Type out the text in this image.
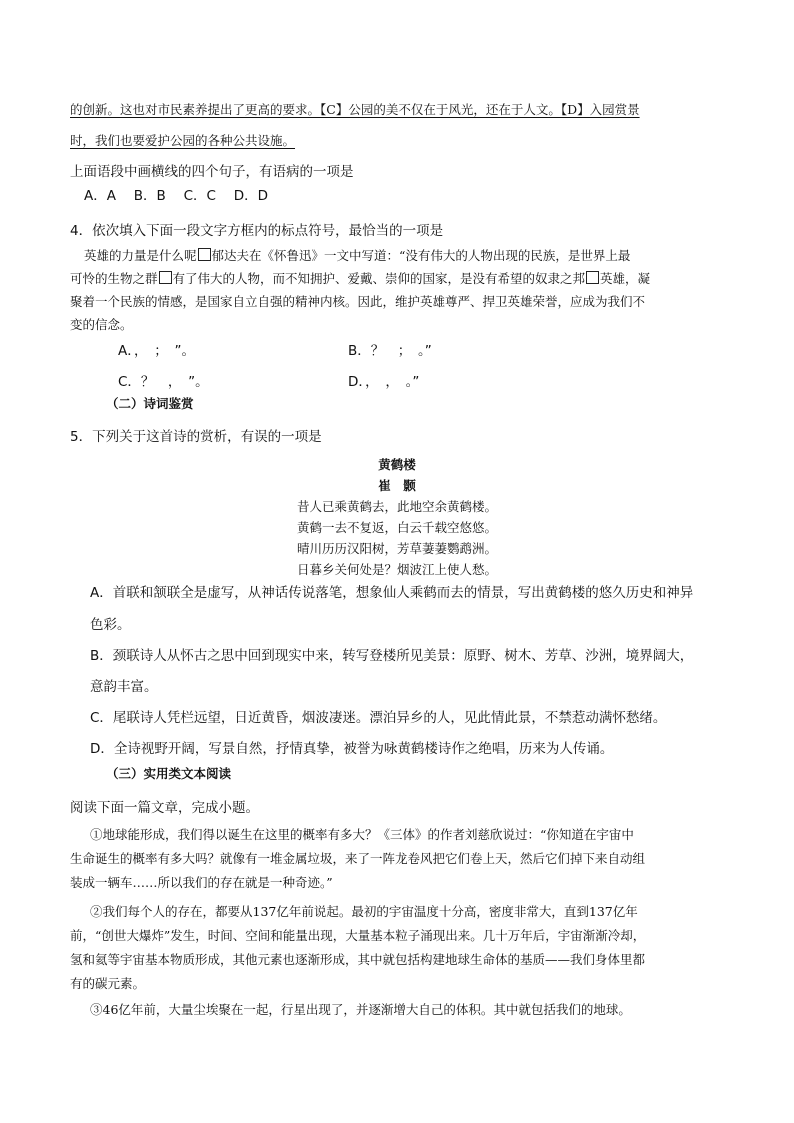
的创新。这也对市民素养提出了更高的要求。【C】公园的美不仅在于风光，还在于人文。【D】入园赏景
时，我们也要爱护公园的各种公共设施。
上面语段中画横线的四个句子，有语病的一项是
A．A　 B．B　 C．C　 D．D
4．依次填入下面一段文字方框内的标点符号，最恰当的一项是
英雄的力量是什么呢 郁达夫在《怀鲁迅》一文中写道：“没有伟大的人物出现的民族，是世界上最
可怜的生物之群 有了伟大的人物，而不知拥护、爱戴、崇仰的国家，是没有希望的奴隶之邦 英雄，凝
聚着一个民族的情感，是国家自立自强的精神内核。因此，维护英雄尊严、捍卫英雄荣誉，应成为我们不
变的信念。
A．，　；　”。	B．？　；　。”
C．？　，　”。	D．，　，　。”
（二）诗词鉴赏
5．下列关于这首诗的赏析，有误的一项是
黄鹤楼
崔　颢
昔人已乘黄鹤去，此地空余黄鹤楼。
黄鹤一去不复返，白云千载空悠悠。
晴川历历汉阳树，芳草萋萋鹦鹉洲。
日暮乡关何处是？烟波江上使人愁。
A．首联和颔联全是虚写，从神话传说落笔，想象仙人乘鹤而去的情景，写出黄鹤楼的悠久历史和神异
色彩。
B．颈联诗人从怀古之思中回到现实中来，转写登楼所见美景：原野、树木、芳草、沙洲，境界阔大，
意韵丰富。
C．尾联诗人凭栏远望，日近黄昏，烟波凄迷。漂泊异乡的人，见此情此景，不禁惹动满怀愁绪。
D．全诗视野开阔，写景自然，抒情真挚，被誉为咏黄鹤楼诗作之绝唱，历来为人传诵。
（三）实用类文本阅读
阅读下面一篇文章，完成小题。
①地球能形成，我们得以诞生在这里的概率有多大？《三体》的作者刘慈欣说过：“你知道在宇宙中
生命诞生的概率有多大吗？就像有一堆金属垃圾，来了一阵龙卷风把它们卷上天，然后它们掉下来自动组
装成一辆车……所以我们的存在就是一种奇迹。”
②我们每个人的存在，都要从137亿年前说起。最初的宇宙温度十分高，密度非常大，直到137亿年
前，“创世大爆炸”发生，时间、空间和能量出现，大量基本粒子涌现出来。几十万年后，宇宙渐渐冷却，
氢和氦等宇宙基本物质形成，其他元素也逐渐形成，其中就包括构建地球生命体的基质——我们身体里都
有的碳元素。
③46亿年前，大量尘埃聚在一起，行星出现了，并逐渐增大自己的体积。其中就包括我们的地球。
